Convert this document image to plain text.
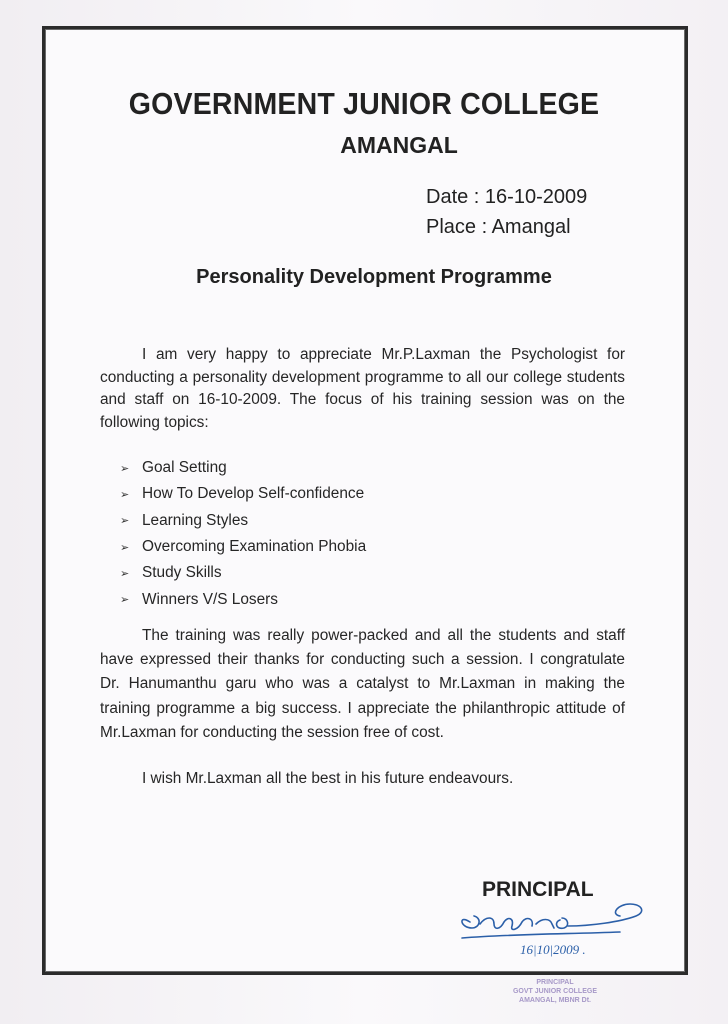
GOVERNMENT JUNIOR COLLEGE
AMANGAL
Date : 16-10-2009
Place : Amangal
Personality Development Programme
I am very happy to appreciate Mr.P.Laxman the Psychologist for conducting a personality development programme to all our college students and staff on 16-10-2009. The focus of his training session was on the following topics:
➢ Goal Setting
➢ How To Develop Self-confidence
➢ Learning Styles
➢ Overcoming Examination Phobia
➢ Study Skills
➢ Winners V/S Losers
The training was really power-packed and all the students and staff have expressed their thanks for conducting such a session. I congratulate Dr. Hanumanthu garu who was a catalyst to Mr.Laxman in making the training programme a big success. I appreciate the philanthropic attitude of Mr.Laxman for conducting the session free of cost.
I wish Mr.Laxman all the best in his future endeavours.
PRINCIPAL
16|10|2009 .
PRINCIPAL
GOVT JUNIOR COLLEGE
AMANGAL, MBNR Dt.
